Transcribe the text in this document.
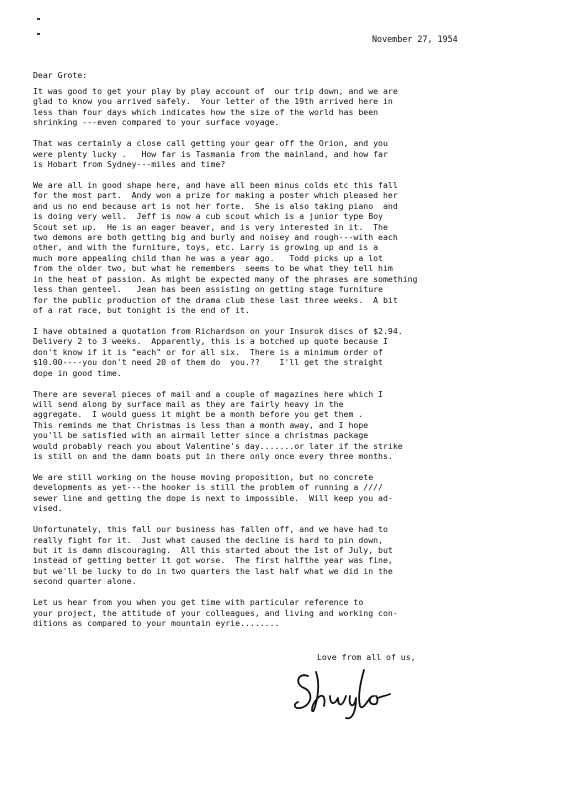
November 27, 1954
Dear Grote:
It was good to get your play by play account of  our trip down, and we are
glad to know you arrived safely.  Your letter of the 19th arrived here in
less than four days which indicates how the size of the world has been
shrinking ---even compared to your surface voyage.
That was certainly a close call getting your gear off the Orion, and you
were plenty lucky .   How far is Tasmania from the mainland, and how far
is Hobart from Sydney---miles and time?
We are all in good shape here, and have all been minus colds etc this fall
for the most part.  Andy won a prize for making a poster which pleased her
and us no end because art is not her forte.  She is also taking piano  and
is doing very well.  Jeff is now a cub scout which is a junior type Boy
Scout set up.  He is an eager beaver, and is very interested in it.  The
two demons are both getting big and burly and noisey and rough---with each
other, and with the furniture, toys, etc. Larry is growing up and is a
much more appealing child than he was a year ago.   Todd picks up a lot
from the older two, but what he remembers  seems to be what they tell him
in the heat of passion. As might be expected many of the phrases are something
less than genteel.   Jean has been assisting on getting stage furniture
for the public production of the drama club these last three weeks.  A bit
of a rat race, but tonight is the end of it.
I have obtained a quotation from Richardson on your Insurok discs of $2.94.
Delivery 2 to 3 weeks.  Apparently, this is a botched up quote because I
don't know if it is "each" or for all six.  There is a minimum order of
$10.00----you don't need 20 of them do  you.??    I'll get the straight
dope in good time.
There are several pieces of mail and a couple of magazines here which I
will send along by surface mail as they are fairly heavy in the
aggregate.  I would guess it might be a month before you get them .
This reminds me that Christmas is less than a month away, and I hope
you'll be satisfied with an airmail letter since a christmas package
would probably reach you about Valentine's day.......or later if the strike
is still on and the damn boats put in there only once every three months.
We are still working on the house moving proposition, but no concrete
developments as yet---the hooker is still the problem of running a ////
sewer line and getting the dope is next to impossible.  Will keep you ad-
vised.
Unfortunately, this fall our business has fallen off, and we have had to
really fight for it.  Just what caused the decline is hard to pin down,
but it is damn discouraging.  All this started about the 1st of July, but
instead of getting better it got worse.  The first halfthe year was fine,
but we'll be lucky to do in two quarters the last half what we did in the
second quarter alone.
Let us hear from you when you get time with particular reference to
your project, the attitude of your colleagues, and living and working con-
ditions as compared to your mountain eyrie........
Love from all of us,
